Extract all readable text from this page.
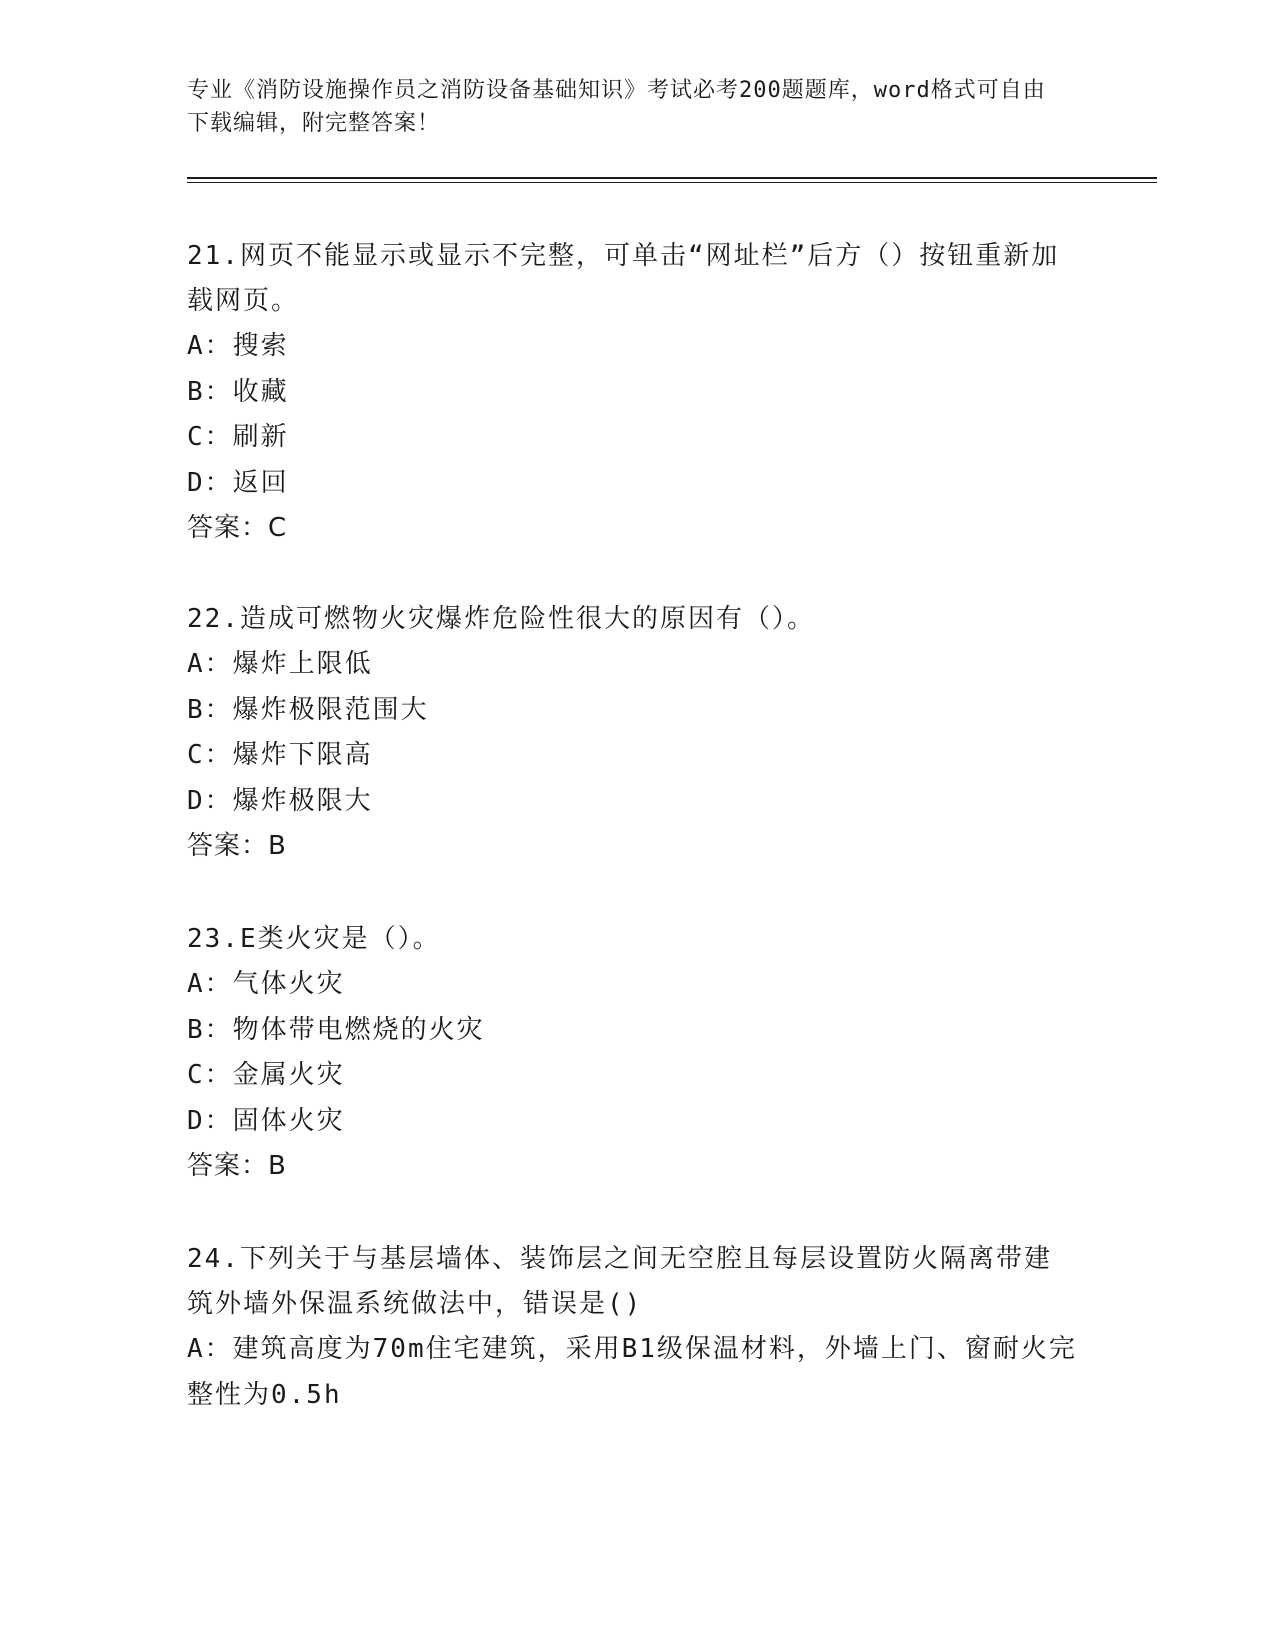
专业《消防设施操作员之消防设备基础知识》考试必考200题题库，word格式可自由下载编辑，附完整答案！
21.网页不能显示或显示不完整，可单击“网址栏”后方（）按钮重新加载网页。
A：搜索
B：收藏
C：刷新
D：返回
答案：C
22.造成可燃物火灾爆炸危险性很大的原因有（）。
A：爆炸上限低
B：爆炸极限范围大
C：爆炸下限高
D：爆炸极限大
答案：B
23.E类火灾是（）。
A：气体火灾
B：物体带电燃烧的火灾
C：金属火灾
D：固体火灾
答案：B
24.下列关于与基层墙体、装饰层之间无空腔且每层设置防火隔离带建筑外墙外保温系统做法中，错误是()
A：建筑高度为70m住宅建筑，采用B1级保温材料，外墙上门、窗耐火完整性为0.5h
